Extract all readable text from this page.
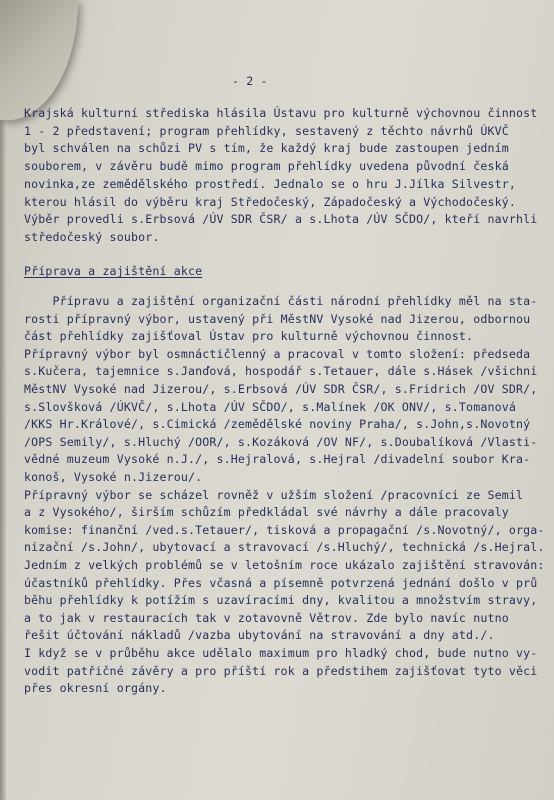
- 2 -
Krajská kulturní střediska hlásila Ústavu pro kulturně výchovnou činnost
1 - 2 představení; program přehlídky, sestavený z těchto návrhů ÚKVČ
byl schválen na schůzi PV s tím, že každý kraj bude zastoupen jedním
souborem, v závěru budě mimo program přehlídky uvedena původní česká
novinka,ze zemědělského prostředí. Jednalo se o hru J.Jílka Silvestr,
kterou hlásil do výběru kraj Středočeský, Západočeský a Východočeský.
Výběr provedli s.Erbsová /ÚV SDR ČSR/ a s.Lhota /ÚV SČDO/, kteří navrhli
středočeský soubor.
Příprava a zajištění akce
Přípravu a zajištění organizační části národní přehlídky měl na sta-
rosti přípravný výbor, ustavený při MěstNV Vysoké nad Jizerou, odbornou
část přehlídky zajišťoval Ústav pro kulturně výchovnou činnost.
Přípravný výbor byl osmnáctičlenný a pracoval v tomto složení: předseda
s.Kučera, tajemnice s.Janďová, hospodář s.Tetauer, dále s.Hásek /všichni
MěstNV Vysoké nad Jizerou/, s.Erbsová /ÚV SDR ČSR/, s.Fridrich /OV SDR/,
s.Slovšková /ÚKVČ/, s.Lhota /ÚV SČDO/, s.Malínek /OK ONV/, s.Tomanová
/KKS Hr.Králové/, s.Cimická /zemědělské noviny Praha/, s.John,s.Novotný
/OPS Semily/, s.Hluchý /OOR/, s.Kozáková /OV NF/, s.Doubalíková /Vlasti-
vědné muzeum Vysoké n.J./, s.Hejralová, s.Hejral /divadelní soubor Kra-
konoš, Vysoké n.Jizerou/.
Přípravný výbor se scházel rovněž v užším složení /pracovníci ze Semil
a z Vysokého/, širším schůzím předkládal své návrhy a dále pracovaly
komise: finanční /ved.s.Tetauer/, tisková a propagační /s.Novotný/, orga-
nizační /s.John/, ubytovací a stravovací /s.Hluchý/, technická /s.Hejral.
Jedním z velkých problémů se v letošním roce ukázalo zajištění stravován:
účastníků přehlídky. Přes včasná a písemně potvrzená jednání došlo v prů
běhu přehlídky k potížím s uzavíracími dny, kvalitou a množstvím stravy,
a to jak v restauracích tak v zotavovně Větrov. Zde bylo navíc nutno
řešit účtování nákladů /vazba ubytování na stravování a dny atd./.
I když se v průběhu akce udělalo maximum pro hladký chod, bude nutno vy-
vodit patřičné závěry a pro příští rok a předstihem zajišťovat tyto věci
přes okresní orgány.
